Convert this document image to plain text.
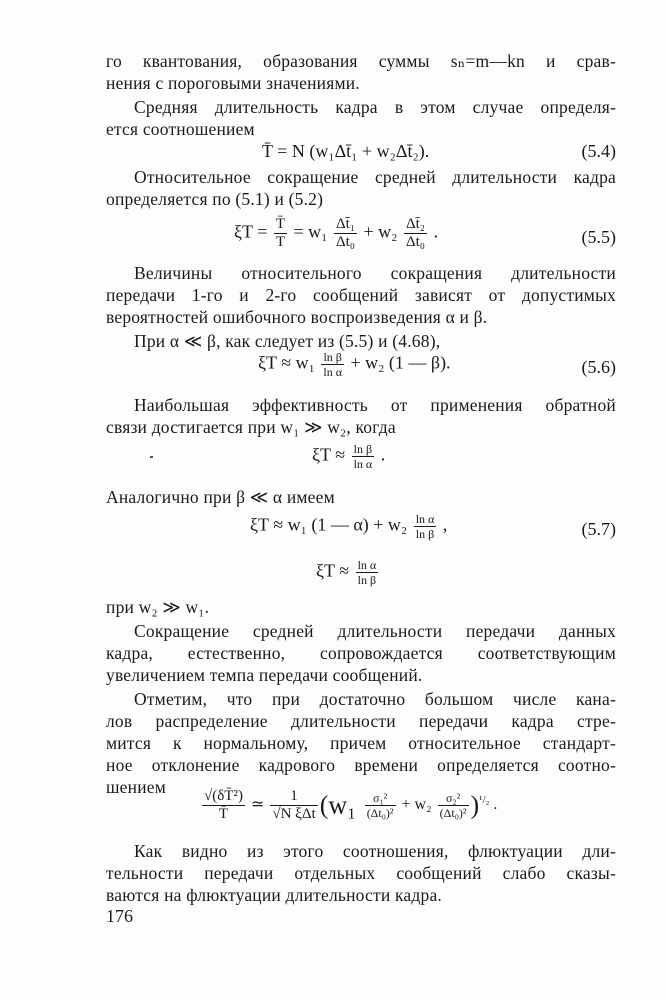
го квантования, образования суммы sₙ=m—kn и срав-
нения с пороговыми значениями.
Средняя длительность кадра в этом случае определя-
ется соотношением
T̄ = N (w₁Δt̄₁ + w₂Δt̄₂).	(5.4)
Относительное сокращение средней длительности кадра
определяется по (5.1) и (5.2)
$\xi T = \frac{T̄}{T} = w_1 \frac{\text{Δt̄₁}}{\text{Δt₀}} + w_2 \frac{\text{Δt̄₂}}{\text{Δt₀}}$ .	(5.5)
Величины относительного сокращения длительности
передачи 1-го и 2-го сообщений зависят от допустимых
вероятностей ошибочного воспроизведения α и β.
При α ≪ β, как следует из (5.5) и (4.68),
$\xi T \approx w_1 \frac{\text{ln β}}{\text{ln α}} + w_2$ (1 — β).	(5.6)
Наибольшая эффективность от применения обратной
связи достигается при w₁ ≫ w₂, когда
$\xi T \approx \frac{\text{ln β}}{\text{ln α}}$ .
Аналогично при β ≪ α имеем
ξT ≈ w₁ (1 — $\alpha) + w_2 \frac{\text{ln α}}{\text{ln β}}$ ,	(5.7)
$\xi T \approx \frac{\text{ln α}}{\text{ln β}}$
при w₂ ≫ w₁.
Сокращение средней длительности передачи данных
кадра, естественно, сопровождается соответствующим
увеличением темпа передачи сообщений.
Отметим, что при достаточно большом числе кана-
лов распределение длительности передачи кадра стре-
мится к нормальному, причем относительное стандарт-
ное отклонение кадрового времени определяется соотно-
шением
$\frac{\text{√(δT̄²)}}{T̄}$ ≃ $\frac{1}{\text{√N ξΔt}} (w_1 \frac{\text{σ₁²}}{\text{(Δt₀)²}} + w_2 \frac{\text{σ₂²}}{\text{(Δt₀)²}} )^{^1/_2}$ .
Как видно из этого соотношения, флюктуации дли-
тельности передачи отдельных сообщений слабо сказы-
ваются на флюктуации длительности кадра.
176
